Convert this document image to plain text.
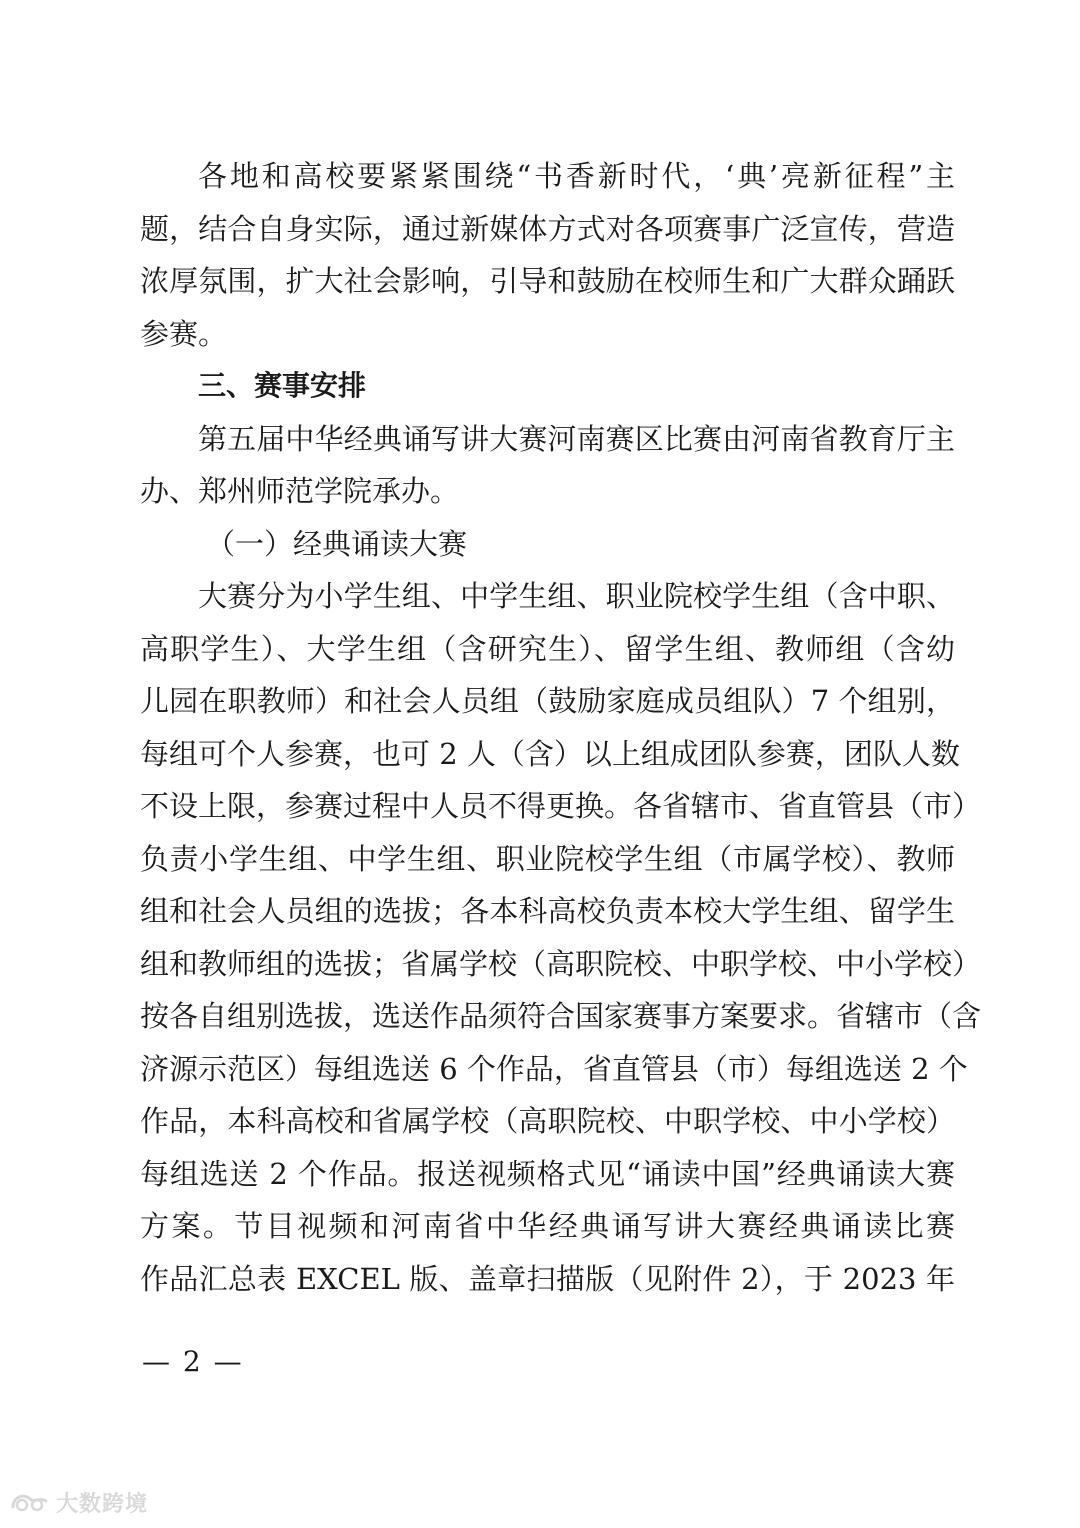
各地和高校要紧紧围绕“书香新时代，‘典’亮新征程”主
题，结合自身实际，通过新媒体方式对各项赛事广泛宣传，营造
浓厚氛围，扩大社会影响，引导和鼓励在校师生和广大群众踊跃
参赛。
三、赛事安排
第五届中华经典诵写讲大赛河南赛区比赛由河南省教育厅主
办、郑州师范学院承办。
（一）经典诵读大赛
大赛分为小学生组、中学生组、职业院校学生组（含中职、
高职学生）、大学生组（含研究生）、留学生组、教师组（含幼
儿园在职教师）和社会人员组（鼓励家庭成员组队）7 个组别，
每组可个人参赛，也可 2 人（含）以上组成团队参赛，团队人数
不设上限，参赛过程中人员不得更换。各省辖市、省直管县（市）
负责小学生组、中学生组、职业院校学生组（市属学校）、教师
组和社会人员组的选拔；各本科高校负责本校大学生组、留学生
组和教师组的选拔；省属学校（高职院校、中职学校、中小学校）
按各自组别选拔，选送作品须符合国家赛事方案要求。省辖市（含
济源示范区）每组选送 6 个作品，省直管县（市）每组选送 2 个
作品，本科高校和省属学校（高职院校、中职学校、中小学校）
每组选送 2 个作品。报送视频格式见“诵读中国”经典诵读大赛
方案。节目视频和河南省中华经典诵写讲大赛经典诵读比赛
作品汇总表 EXCEL 版、盖章扫描版（见附件 2），于 2023 年
— 2 —
大数跨境
